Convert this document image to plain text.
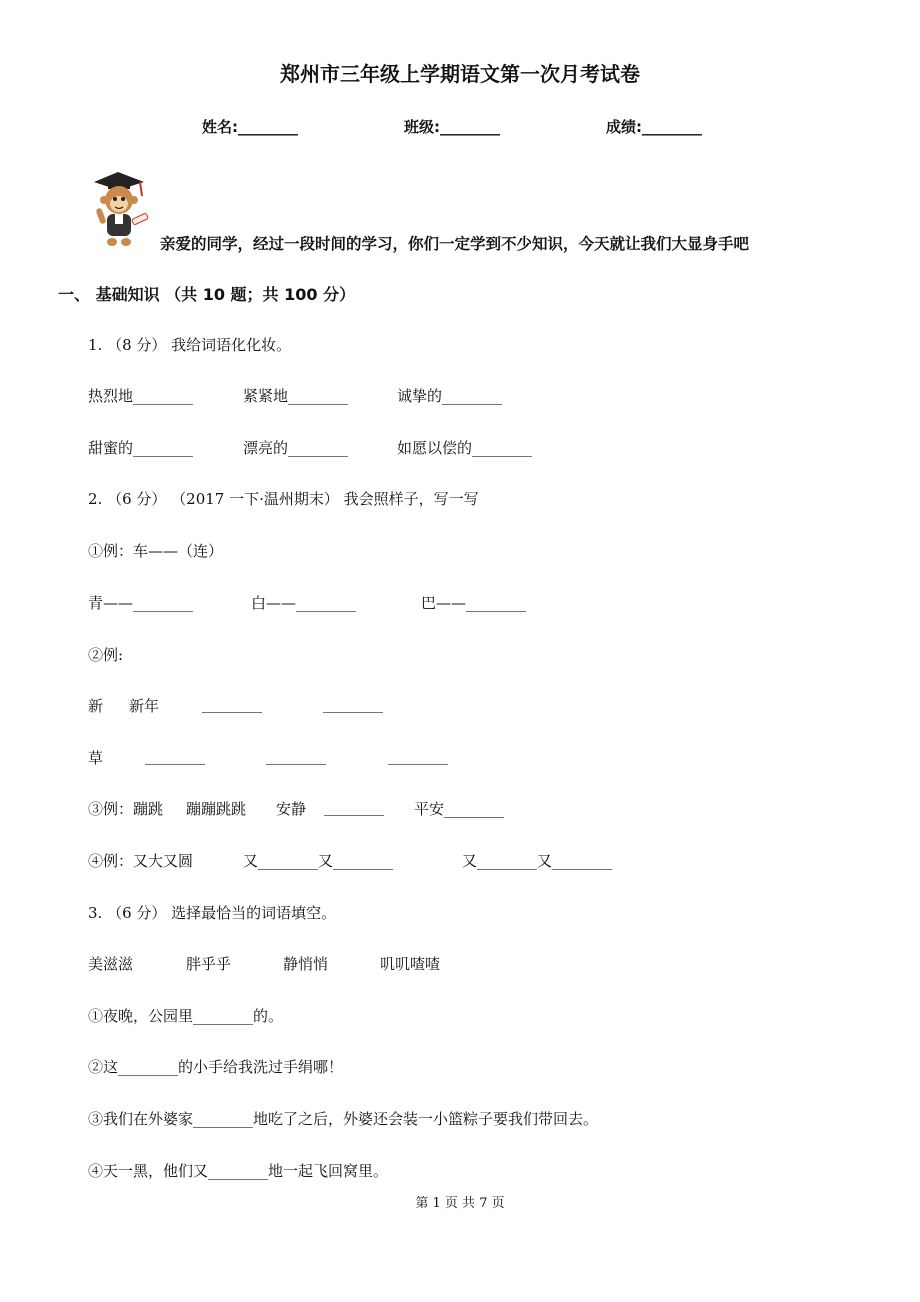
郑州市三年级上学期语文第一次月考试卷
姓名:________	班级:________	成绩:________
亲爱的同学，经过一段时间的学习，你们一定学到不少知识，今天就让我们大显身手吧
一、 基础知识 （共 10 题；共 100 分）
1. （8 分） 我给词语化化妆。
热烈地________	紧紧地________	诚挚的________
甜蜜的________	漂亮的________	如愿以偿的________
2. （6 分） （2017 一下·温州期末） 我会照样子，写一写
①例：车——（连）
青——________	白——________	巴——________
②例:
新 新年	________	________
草	________	________	________
③例：蹦跳 蹦蹦跳跳 安静 ________ 平安________
④例：又大又圆	又________又________	又________又________
3. （6 分） 选择最恰当的词语填空。
美滋滋	胖乎乎	静悄悄	叽叽喳喳
①夜晚，公园里________的。
②这________的小手给我洗过手绢哪！
③我们在外婆家________地吃了之后，外婆还会装一小篮粽子要我们带回去。
④天一黑，他们又________地一起飞回窝里。
第 1 页 共 7 页
